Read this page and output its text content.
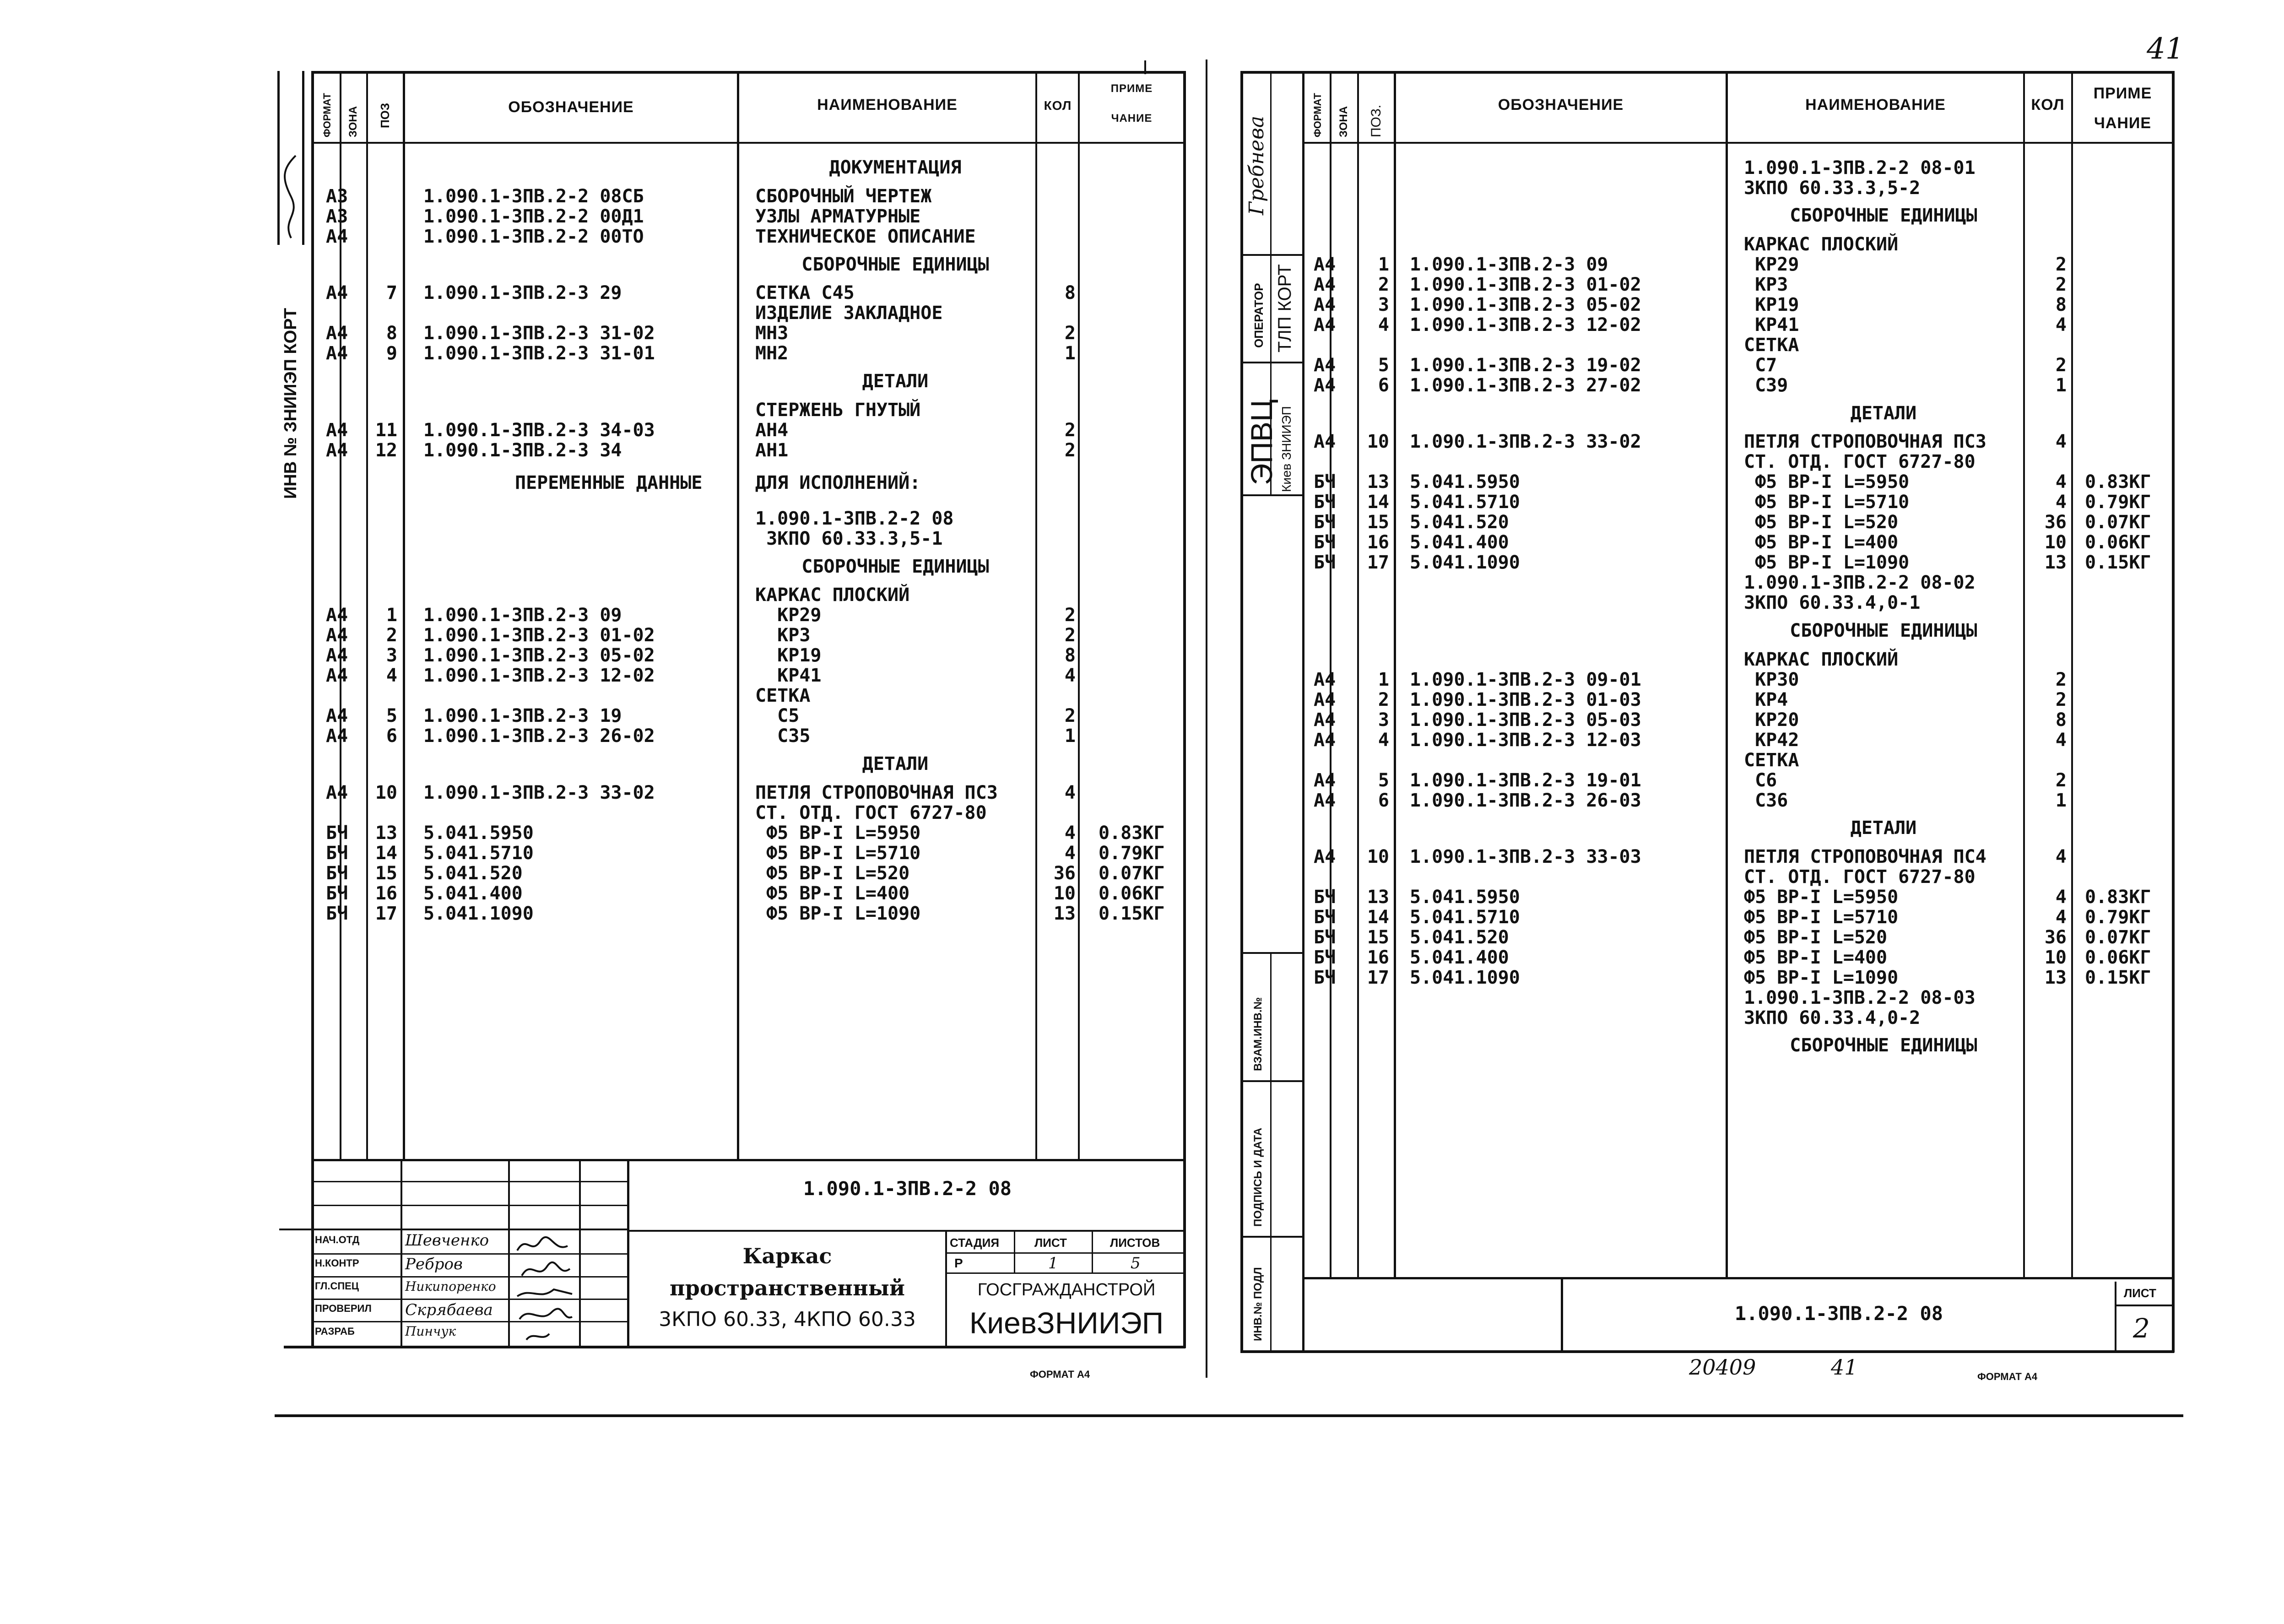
ФОРМАТ ЗОНА ПОЗ	ОБОЗНАЧЕНИЕ	НАИМЕНОВАНИЕ	КОЛ
ПРИМЕ
ЧАНИЕ
ДОКУМЕНТАЦИЯ
А3	1.090.1-3ПВ.2-2 08СБ	СБОРОЧНЫЙ ЧЕРТЕЖ
А3	1.090.1-3ПВ.2-2 00Д1	УЗЛЫ АРМАТУРНЫЕ
А4	1.090.1-3ПВ.2-2 00ТО	ТЕХНИЧЕСКОЕ ОПИСАНИЕ
СБОРОЧНЫЕ ЕДИНИЦЫ
А4	7 1.090.1-3ПВ.2-3 29	СЕТКА С45	8
ИЗДЕЛИЕ ЗАКЛАДНОЕ
А4	8 1.090.1-3ПВ.2-3 31-02	МН3	2
А4	9 1.090.1-3ПВ.2-3 31-01	МН2	1
ДЕТАЛИ
СТЕРЖЕНЬ ГНУТЫЙ
А4 11 1.090.1-3ПВ.2-3 34-03	АН4	2
А4 12 1.090.1-3ПВ.2-3 34	АН1	2
ПЕРЕМЕННЫЕ ДАННЫЕ	ДЛЯ ИСПОЛНЕНИЙ:
1.090.1-3ПВ.2-2 08
3КПО 60.33.3,5-1
СБОРОЧНЫЕ ЕДИНИЦЫ
КАРКАС ПЛОСКИЙ
А4	1 1.090.1-3ПВ.2-3 09	КР29	2
А4	2 1.090.1-3ПВ.2-3 01-02	КР3	2
А4	3 1.090.1-3ПВ.2-3 05-02	КР19	8
А4	4 1.090.1-3ПВ.2-3 12-02	КР41	4
СЕТКА
А4	5 1.090.1-3ПВ.2-3 19	С5	2
А4	6 1.090.1-3ПВ.2-3 26-02	С35	1
ДЕТАЛИ
А4 10 1.090.1-3ПВ.2-3 33-02	ПЕТЛЯ СТРОПОВОЧНАЯ ПС3	4
СТ. ОТД. ГОСТ 6727-80
БЧ 13 5.041.5950	Ф5 ВР-I L=5950	4 0.83КГ
БЧ 14 5.041.5710	Ф5 ВР-I L=5710	4 0.79КГ
БЧ 15 5.041.520	Ф5 ВР-I L=520	36 0.07КГ
БЧ 16 5.041.400	Ф5 ВР-I L=400	10 0.06КГ
БЧ 17 5.041.1090	Ф5 ВР-I L=1090	13 0.15КГ
1.090.1-3ПВ.2-2 08
Каркас
пространственный
3КПО 60.33, 4КПО 60.33
СТАДИЯ	ЛИСТ	ЛИСТОВ
Р	1	5
ГОСГРАЖДАНСТРОЙ
КиевЗНИИЭП
НАЧ.ОТД
Н.КОНТР
ГЛ.СПЕЦ
ПРОВЕРИЛ
РАЗРАБ
Шевченко
Ребров
Никипоренко
Скрябаева
Пинчук
ФОРМАТ А4
ИНВ № ЗНИИЭП КОРТ
Гребнева
ОПЕРАТОР ТЛП КОРТ
ЭПВЦ Киев ЗНИИЭП
ВЗАМ.ИНВ.№
ПОДПИСЬ И ДАТА
ИНВ.№ ПОДЛ
ФОРМАТ ЗОНА ПОЗ.	ОБОЗНАЧЕНИЕ	НАИМЕНОВАНИЕ	КОЛ
ПРИМЕ
ЧАНИЕ
1.090.1-3ПВ.2-2 08-01
3КПО 60.33.3,5-2
СБОРОЧНЫЕ ЕДИНИЦЫ
КАРКАС ПЛОСКИЙ
А4	1 1.090.1-3ПВ.2-3 09	КР29	2
А4	2 1.090.1-3ПВ.2-3 01-02	КР3	2
А4	3 1.090.1-3ПВ.2-3 05-02	КР19	8
А4	4 1.090.1-3ПВ.2-3 12-02	КР41	4
СЕТКА
А4	5 1.090.1-3ПВ.2-3 19-02	С7	2
А4	6 1.090.1-3ПВ.2-3 27-02	С39	1
ДЕТАЛИ
А4 10 1.090.1-3ПВ.2-3 33-02	ПЕТЛЯ СТРОПОВОЧНАЯ ПС3	4
СТ. ОТД. ГОСТ 6727-80
БЧ 13 5.041.5950	Ф5 ВР-I L=5950	4 0.83КГ
БЧ 14 5.041.5710	Ф5 ВР-I L=5710	4 0.79КГ
БЧ 15 5.041.520	Ф5 ВР-I L=520	36 0.07КГ
БЧ 16 5.041.400	Ф5 ВР-I L=400	10 0.06КГ
БЧ 17 5.041.1090	Ф5 ВР-I L=1090	13 0.15КГ
1.090.1-3ПВ.2-2 08-02
3КПО 60.33.4,0-1
СБОРОЧНЫЕ ЕДИНИЦЫ
КАРКАС ПЛОСКИЙ
А4	1 1.090.1-3ПВ.2-3 09-01	КР30	2
А4	2 1.090.1-3ПВ.2-3 01-03	КР4	2
А4	3 1.090.1-3ПВ.2-3 05-03	КР20	8
А4	4 1.090.1-3ПВ.2-3 12-03	КР42	4
СЕТКА
А4	5 1.090.1-3ПВ.2-3 19-01	С6	2
А4	6 1.090.1-3ПВ.2-3 26-03	С36	1
ДЕТАЛИ
А4 10 1.090.1-3ПВ.2-3 33-03	ПЕТЛЯ СТРОПОВОЧНАЯ ПС4	4
СТ. ОТД. ГОСТ 6727-80
БЧ 13 5.041.5950	Ф5 ВР-I L=5950	4 0.83КГ
БЧ 14 5.041.5710	Ф5 ВР-I L=5710	4 0.79КГ
БЧ 15 5.041.520	Ф5 ВР-I L=520	36 0.07КГ
БЧ 16 5.041.400	Ф5 ВР-I L=400	10 0.06КГ
БЧ 17 5.041.1090	Ф5 ВР-I L=1090	13 0.15КГ
1.090.1-3ПВ.2-2 08-03
3КПО 60.33.4,0-2
СБОРОЧНЫЕ ЕДИНИЦЫ
1.090.1-3ПВ.2-2 08
ЛИСТ
2
20409	41	ФОРМАТ А4
41
